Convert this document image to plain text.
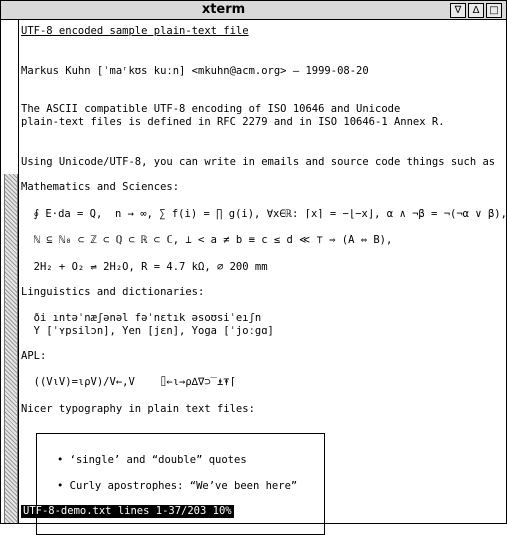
xterm	∇	Δ □
UTF-8 encoded sample plain-text file
Markus Kuhn [ˈmaʳkʊs kuːn] <mkuhn@acm.org> — 1999-08-20
The ASCII compatible UTF-8 encoding of ISO 10646 and Unicode
plain-text files is defined in RFC 2279 and in ISO 10646-1 Annex R.
Using Unicode/UTF-8, you can write in emails and source code things such as
Mathematics and Sciences:
∮ E⋅da = Q,  n → ∞, ∑ f(i) = ∏ g(i), ∀x∈ℝ: ⌈x⌉ = −⌊−x⌋, α ∧ ¬β = ¬(¬α ∨ β),
ℕ ⊆ ℕ₀ ⊂ ℤ ⊂ ℚ ⊂ ℝ ⊂ ℂ, ⊥ < a ≠ b ≡ c ≤ d ≪ ⊤ ⇒ (A ⇔ B),
2H₂ + O₂ ⇌ 2H₂O, R = 4.7 kΩ, ⌀ 200 mm
Linguistics and dictionaries:
ði ıntəˈnæʃənəl fəˈnɛtık əsoʊsiˈeıʃn
Y [ˈʏpsilɔn], Yen [jɛn], Yoga [ˈjoːgɑ]
APL:
((V⍳V)=⍳⍴V)/V←,V    ⌷←⍳→⍴∆∇⊃‾⍎⍕⌈
Nicer typography in plain text files:
• ‘single’ and “double” quotes
• Curly apostrophes: “We’ve been here”
UTF-8-demo.txt lines 1-37/203 10%
